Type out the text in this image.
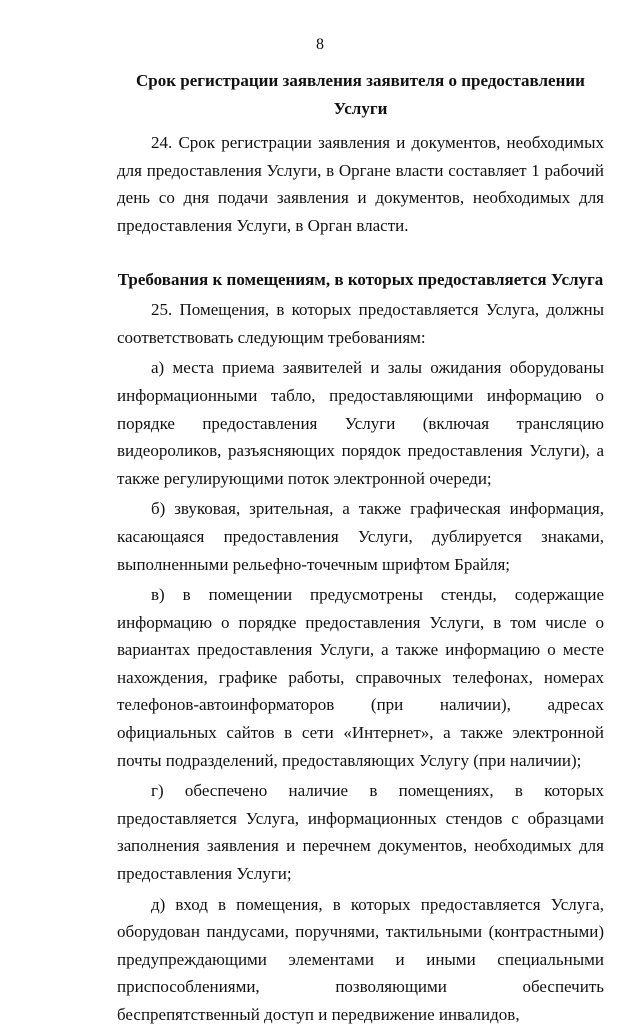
8

Срок регистрации заявления заявителя о предоставлении Услуги

24. Срок регистрации заявления и документов, необходимых для предоставления Услуги, в Органе власти составляет 1 рабочий день со дня подачи заявления и документов, необходимых для предоставления Услуги, в Орган власти.

Требования к помещениям, в которых предоставляется Услуга

25. Помещения, в которых предоставляется Услуга, должны соответствовать следующим требованиям:

а) места приема заявителей и залы ожидания оборудованы информационными табло, предоставляющими информацию о порядке предоставления Услуги (включая трансляцию видеороликов, разъясняющих порядок предоставления Услуги), а также регулирующими поток электронной очереди;

б) звуковая, зрительная, а также графическая информация, касающаяся предоставления Услуги, дублируется знаками, выполненными рельефно-точечным шрифтом Брайля;

в) в помещении предусмотрены стенды, содержащие информацию о порядке предоставления Услуги, в том числе о вариантах предоставления Услуги, а также информацию о месте нахождения, графике работы, справочных телефонах, номерах телефонов-автоинформаторов (при наличии), адресах официальных сайтов в сети «Интернет», а также электронной почты подразделений, предоставляющих Услугу (при наличии);

г) обеспечено наличие в помещениях, в которых предоставляется Услуга, информационных стендов с образцами заполнения заявления и перечнем документов, необходимых для предоставления Услуги;

д) вход в помещения, в которых предоставляется Услуга, оборудован пандусами, поручнями, тактильными (контрастными) предупреждающими элементами и иными специальными приспособлениями, позволяющими обеспечить беспрепятственный доступ и передвижение инвалидов,
